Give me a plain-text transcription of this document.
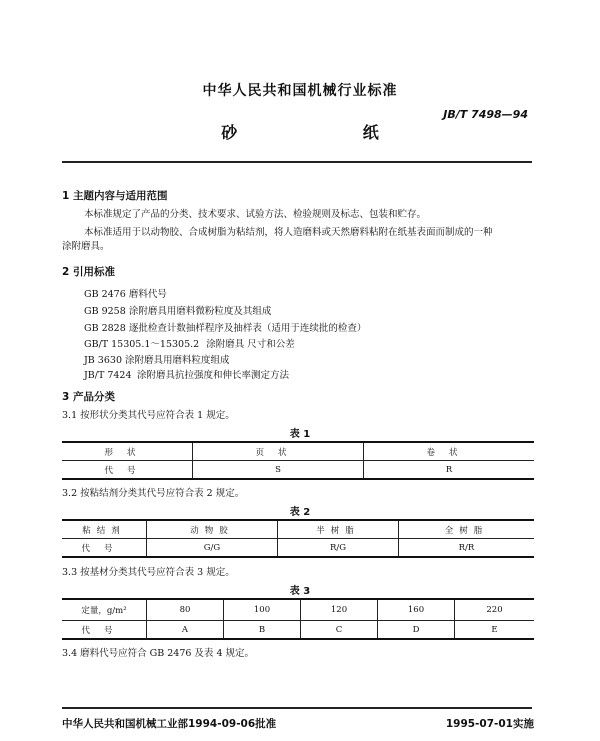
中华人民共和国机械行业标准
JB/T 7498—94
砂 纸
1 主题内容与适用范围
本标准规定了产品的分类、技术要求、试验方法、检验规则及标志、包装和贮存。
本标准适用于以动物胶、合成树脂为粘结剂，将人造磨料或天然磨料粘附在纸基表面而制成的一种
涂附磨具。
2 引用标准
GB 2476 磨料代号
GB 9258 涂附磨具用磨料微粉粒度及其组成
GB 2828 逐批检查计数抽样程序及抽样表（适用于连续批的检查）
GB/T 15305.1～15305.2 涂附磨具 尺寸和公差
JB 3630 涂附磨具用磨料粒度组成
JB/T 7424 涂附磨具抗拉强度和伸长率测定方法
3 产品分类
3.1 按形状分类其代号应符合表 1 规定。
表 1
形状	页状	卷状
代号	S	R
3.2 按粘结剂分类其代号应符合表 2 规定。
表 2
粘结剂	动物胶	半树脂	全树脂
代号	G/G	R/G	R/R
3.3 按基材分类其代号应符合表 3 规定。
表 3
定量，g/m²	80	100	120	160	220
代号	A	B	C	D	E
3.4 磨料代号应符合 GB 2476 及表 4 规定。
中华人民共和国机械工业部1994-09-06批准	1995-07-01实施
